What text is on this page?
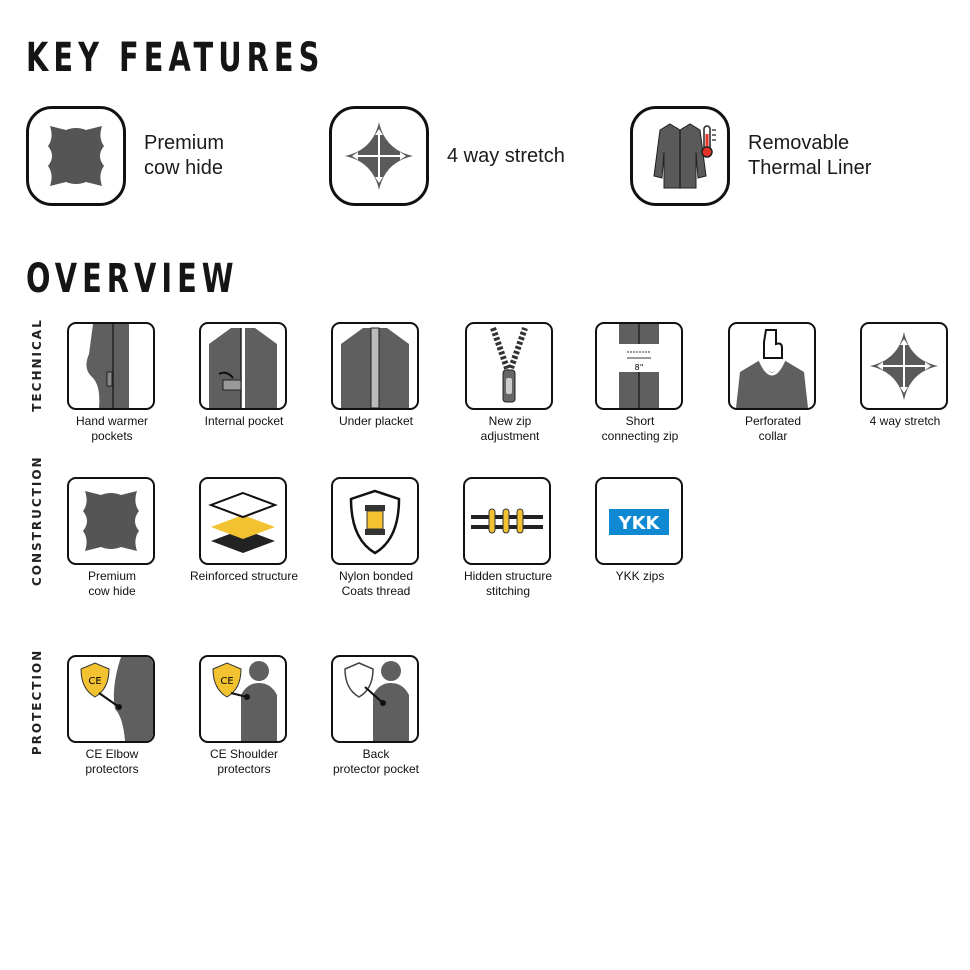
KEY FEATURES
Premium
cow hide
4 way stretch
Removable
Thermal Liner
OVERVIEW
TECHNICAL
CONSTRUCTION
PROTECTION
Hand warmer
pockets
Internal pocket	Under placket	New zip
adjustment
8"
Short
connecting zip
Perforated
collar
4 way stretch
Premium
cow hide
Reinforced structure	Nylon bonded
Coats thread
Hidden structure
stitching
YKK
YKK zips
CE
CE Elbow
protectors
CE
CE Shoulder
protectors
Back
protector pocket
